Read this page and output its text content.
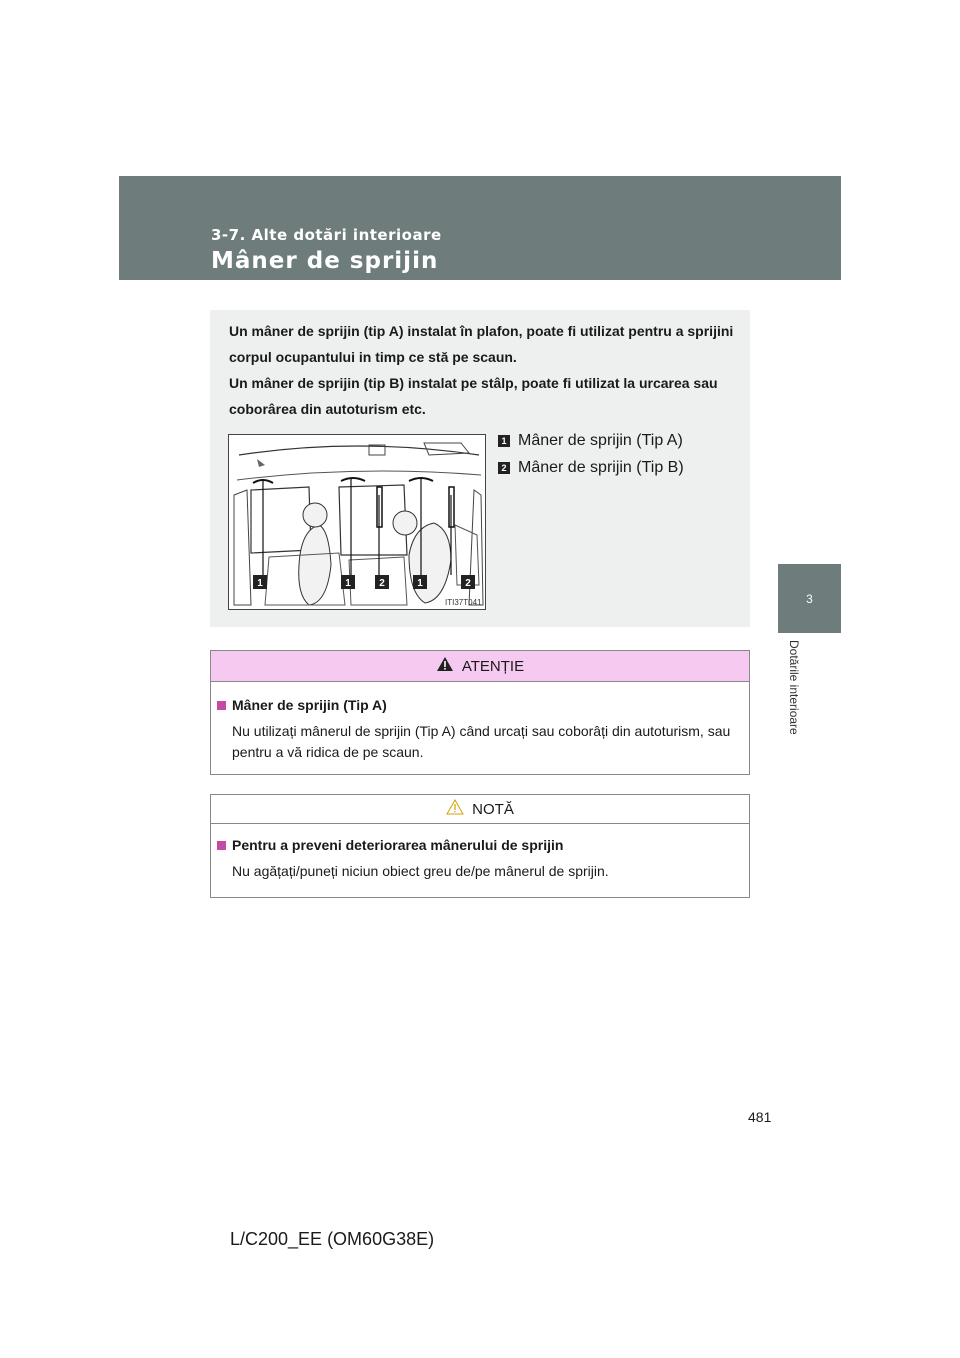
3-7. Alte dotări interioare
Mâner de sprijin
3
Dotările interioare
Un mâner de sprijin (tip A) instalat în plafon, poate fi utilizat pentru a sprijini corpul ocupantului in timp ce stă pe scaun.
Un mâner de sprijin (tip B) instalat pe stâlp, poate fi utilizat la urcarea sau coborârea din autoturism etc.
1	1	2	1	2
ITI37T041
1 Mâner de sprijin (Tip A)
2 Mâner de sprijin (Tip B)
ATENȚIE
Mâner de sprijin (Tip A)
Nu utilizați mânerul de sprijin (Tip A) când urcați sau coborâți din autoturism, sau pentru a vă ridica de pe scaun.
NOTĂ
Pentru a preveni deteriorarea mânerului de sprijin
Nu agățați/puneți niciun obiect greu de/pe mânerul de sprijin.
481
L/C200_EE (OM60G38E)
